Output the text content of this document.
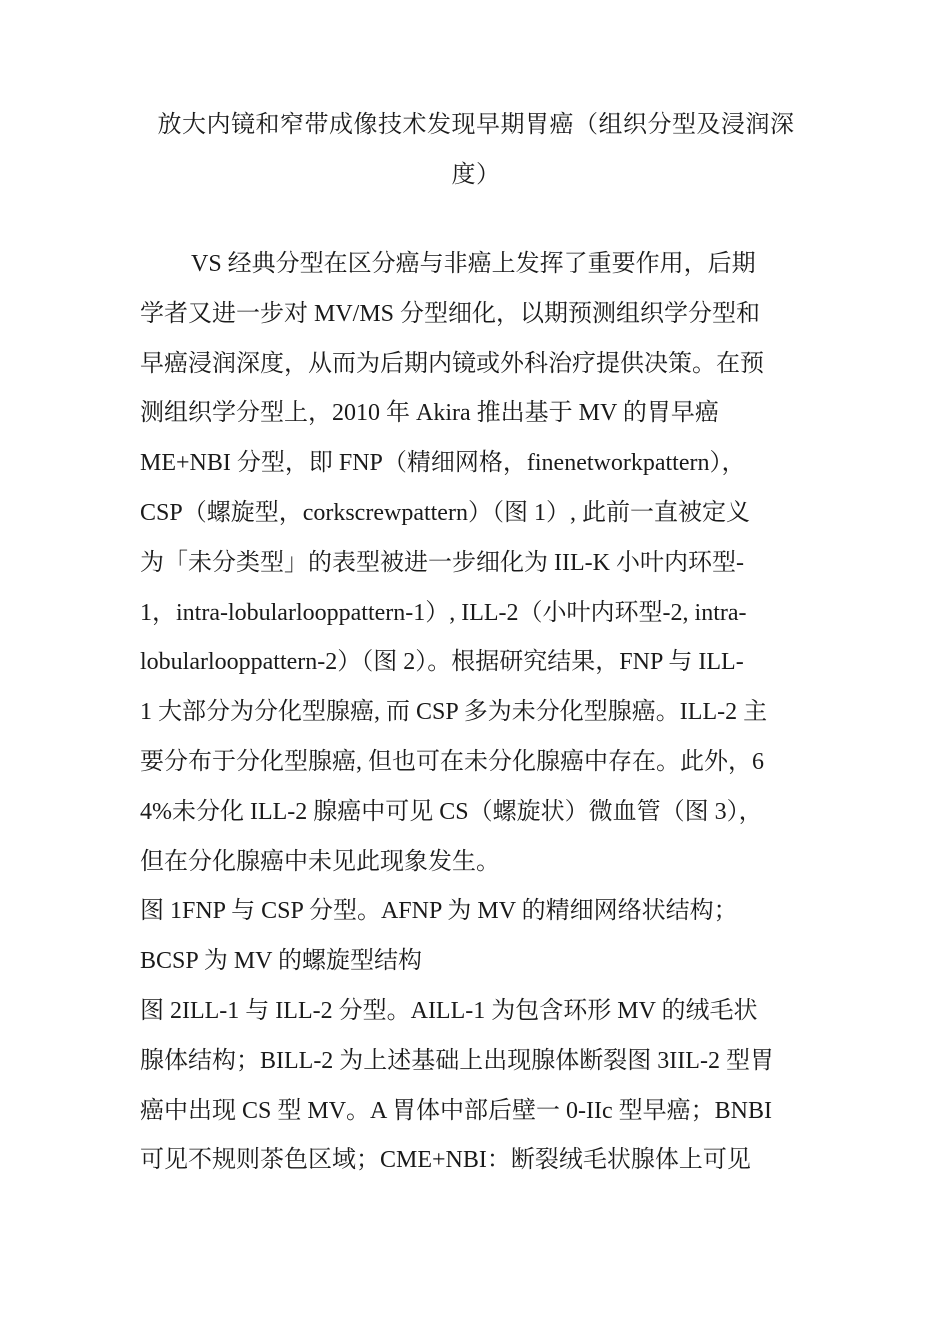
放大内镜和窄带成像技术发现早期胃癌（组织分型及浸润深

度）

VS 经典分型在区分癌与非癌上发挥了重要作用，后期

学者又进一步对 MV/MS 分型细化，以期预测组织学分型和

早癌浸润深度，从而为后期内镜或外科治疗提供决策。在预

测组织学分型上，2010 年 Akira 推出基于 MV 的胃早癌

ME+NBI 分型，即 FNP（精细网格，finenetworkpattern），

CSP（螺旋型，corkscrewpattern）（图 1）, 此前一直被定义

为「未分类型」的表型被进一步细化为 IIL-K 小叶内环型-

1，intra-lobularlooppattern-1）, ILL-2（小叶内环型-2, intra-

lobularlooppattern-2）（图 2）。根据研究结果，FNP 与 ILL-

1 大部分为分化型腺癌, 而 CSP 多为未分化型腺癌。ILL-2 主

要分布于分化型腺癌, 但也可在未分化腺癌中存在。此外，6

4%未分化 ILL-2 腺癌中可见 CS（螺旋状）微血管（图 3），

但在分化腺癌中未见此现象发生。

图 1FNP 与 CSP 分型。AFNP 为 MV 的精细网络状结构；

BCSP 为 MV 的螺旋型结构

图 2ILL-1 与 ILL-2 分型。AILL-1 为包含环形 MV 的绒毛状

腺体结构；BILL-2 为上述基础上出现腺体断裂图 3IIL-2 型胃

癌中出现 CS 型 MV。A 胃体中部后壁一 0-IIc 型早癌；BNBI

可见不规则茶色区域；CME+NBI：断裂绒毛状腺体上可见
